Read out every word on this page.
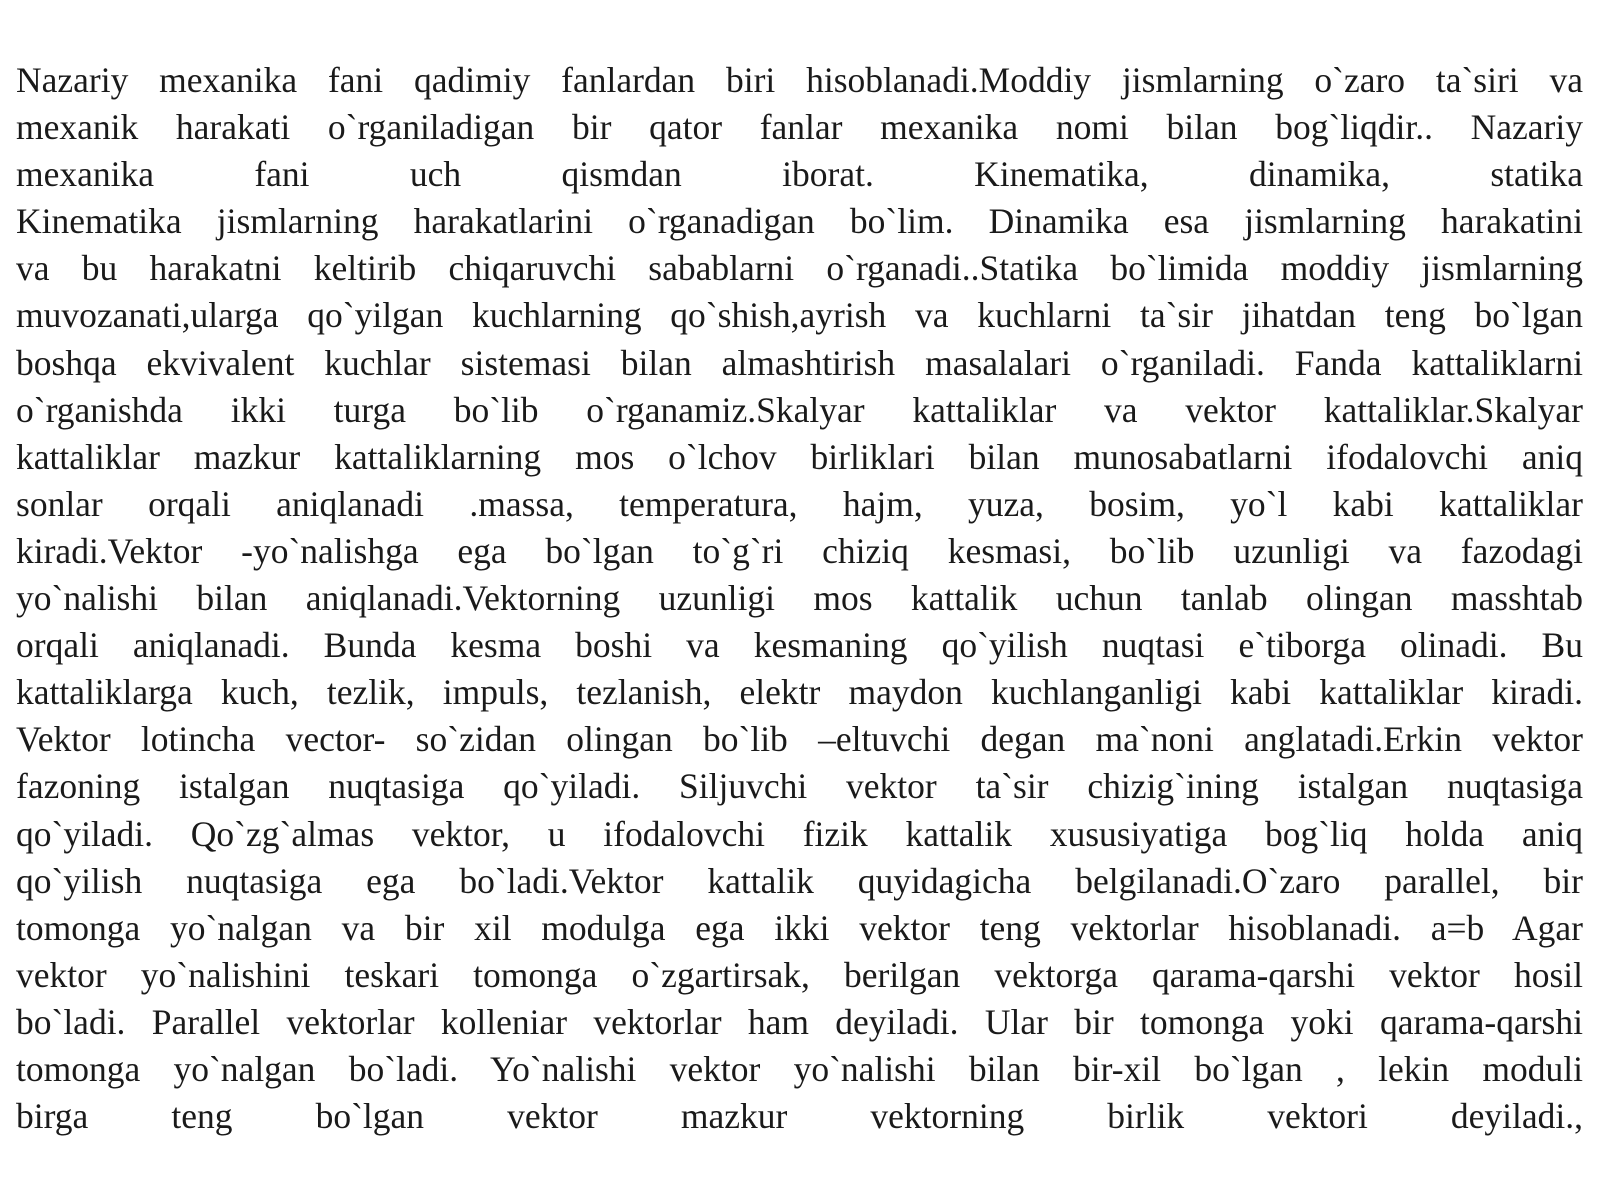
Nazariy mexanika fani qadimiy fanlardan biri hisoblanadi.Moddiy jismlarning o`zaro ta`siri va
mexanik harakati o`rganiladigan bir qator fanlar mexanika nomi bilan bog`liqdir.. Nazariy
mexanika fani uch qismdan iborat. Kinematika, dinamika, statika
Kinematika jismlarning harakatlarini o`rganadigan bo`lim. Dinamika esa jismlarning harakatini
va bu harakatni keltirib chiqaruvchi sabablarni o`rganadi..Statika bo`limida moddiy jismlarning
muvozanati,ularga qo`yilgan kuchlarning qo`shish,ayrish va kuchlarni ta`sir jihatdan teng bo`lgan
boshqa ekvivalent kuchlar sistemasi bilan almashtirish masalalari o`rganiladi. Fanda kattaliklarni
o`rganishda ikki turga bo`lib o`rganamiz.Skalyar kattaliklar va vektor kattaliklar.Skalyar
kattaliklar mazkur kattaliklarning mos o`lchov birliklari bilan munosabatlarni ifodalovchi aniq
sonlar orqali aniqlanadi .massa, temperatura, hajm, yuza, bosim, yo`l kabi kattaliklar
kiradi.Vektor -yo`nalishga ega bo`lgan to`g`ri chiziq kesmasi, bo`lib uzunligi va fazodagi
yo`nalishi bilan aniqlanadi.Vektorning uzunligi mos kattalik uchun tanlab olingan masshtab
orqali aniqlanadi. Bunda kesma boshi va kesmaning qo`yilish nuqtasi e`tiborga olinadi. Bu
kattaliklarga kuch, tezlik, impuls, tezlanish, elektr maydon kuchlanganligi kabi kattaliklar kiradi.
Vektor lotincha vector- so`zidan olingan bo`lib –eltuvchi degan ma`noni anglatadi.Erkin vektor
fazoning istalgan nuqtasiga qo`yiladi. Siljuvchi vektor ta`sir chizig`ining istalgan nuqtasiga
qo`yiladi. Qo`zg`almas vektor, u ifodalovchi fizik kattalik xususiyatiga bog`liq holda aniq
qo`yilish nuqtasiga ega bo`ladi.Vektor kattalik quyidagicha belgilanadi.O`zaro parallel, bir
tomonga yo`nalgan va bir xil modulga ega ikki vektor teng vektorlar hisoblanadi. a=b Agar
vektor yo`nalishini teskari tomonga o`zgartirsak, berilgan vektorga qarama-qarshi vektor hosil
bo`ladi. Parallel vektorlar kolleniar vektorlar ham deyiladi. Ular bir tomonga yoki qarama-qarshi
tomonga yo`nalgan bo`ladi. Yo`nalishi vektor yo`nalishi bilan bir-xil bo`lgan , lekin moduli
birga teng bo`lgan vektor mazkur vektorning birlik vektori deyiladi.,
